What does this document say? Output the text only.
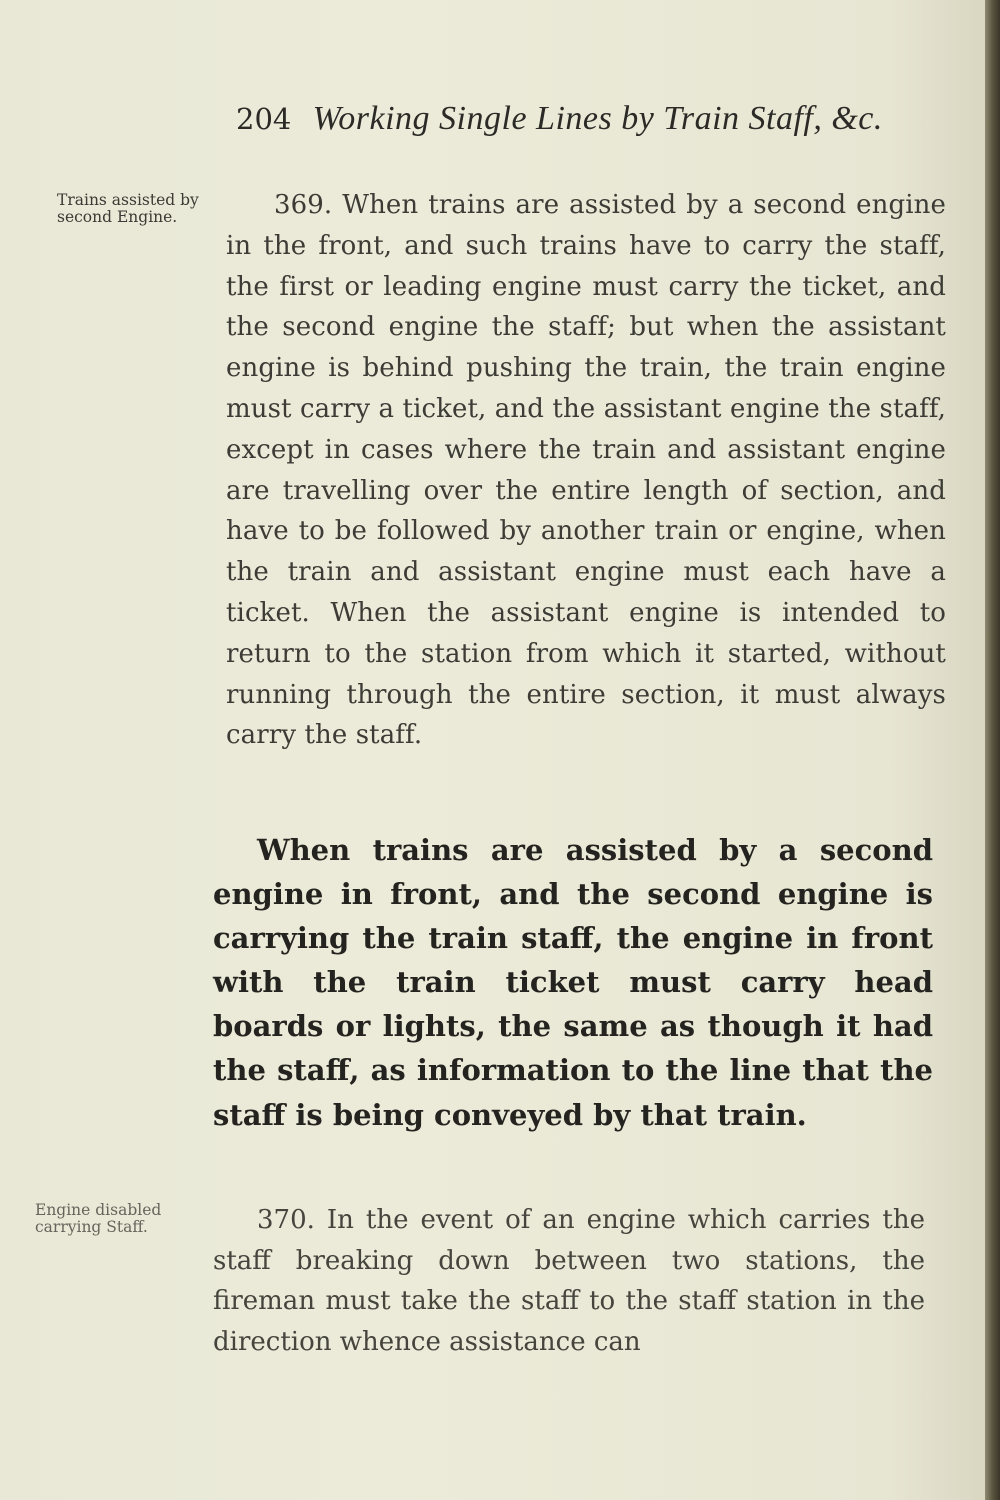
204 Working Single Lines by Train Staff, &c.
Trains assisted by second Engine.	369. When trains are assisted by a second engine in the front, and such trains have to carry the staff, the first or leading engine must carry the ticket, and the second engine the staff; but when the assistant engine is behind pushing the train, the train engine must carry a ticket, and the assistant engine the staff, except in cases where the train and assistant engine are travelling over the entire length of section, and have to be followed by another train or engine, when the train and assistant engine must each have a ticket. When the assistant engine is intended to return to the station from which it started, without running through the entire section, it must always carry the staff.
When trains are assisted by a second engine in front, and the second engine is carrying the train staff, the engine in front with the train ticket must carry head boards or lights, the same as though it had the staff, as information to the line that the staff is being conveyed by that train.
Engine disabled carrying Staff.	370. In the event of an engine which carries the staff breaking down between two stations, the fireman must take the staff to the staff station in the direction whence assistance can
